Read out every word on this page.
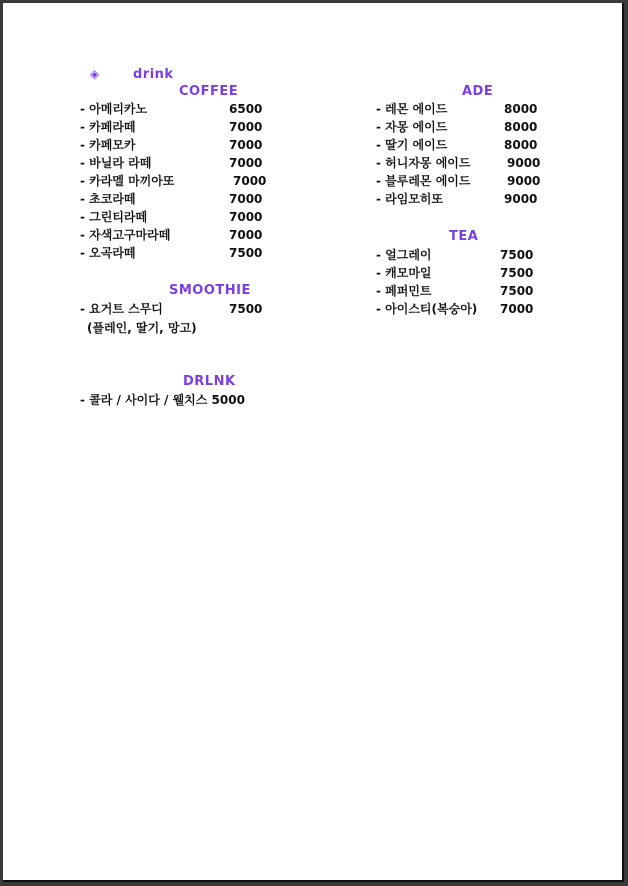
◈	drink
COFFEE
- 아메리카노	6500
- 카페라떼	7000
- 카페모카	7000
- 바닐라 라떼	7000
- 카라멜 마끼아또	7000
- 초코라떼	7000
- 그린티라떼	7000
- 자색고구마라떼	7000
- 오곡라떼	7500
ADE
- 레몬 에이드	8000
- 자몽 에이드	8000
- 딸기 에이드	8000
- 허니자몽 에이드	9000
- 블루레몬 에이드	9000
- 라임모히또	9000
TEA
- 얼그레이	7500
- 캐모마일	7500
- 페퍼민트	7500
- 아이스티(복숭아) 7000
SMOOTHIE
- 요거트 스무디	7500
(플레인, 딸기, 망고)
DRLNK
- 콜라 / 사이다 / 웰치스 5000
